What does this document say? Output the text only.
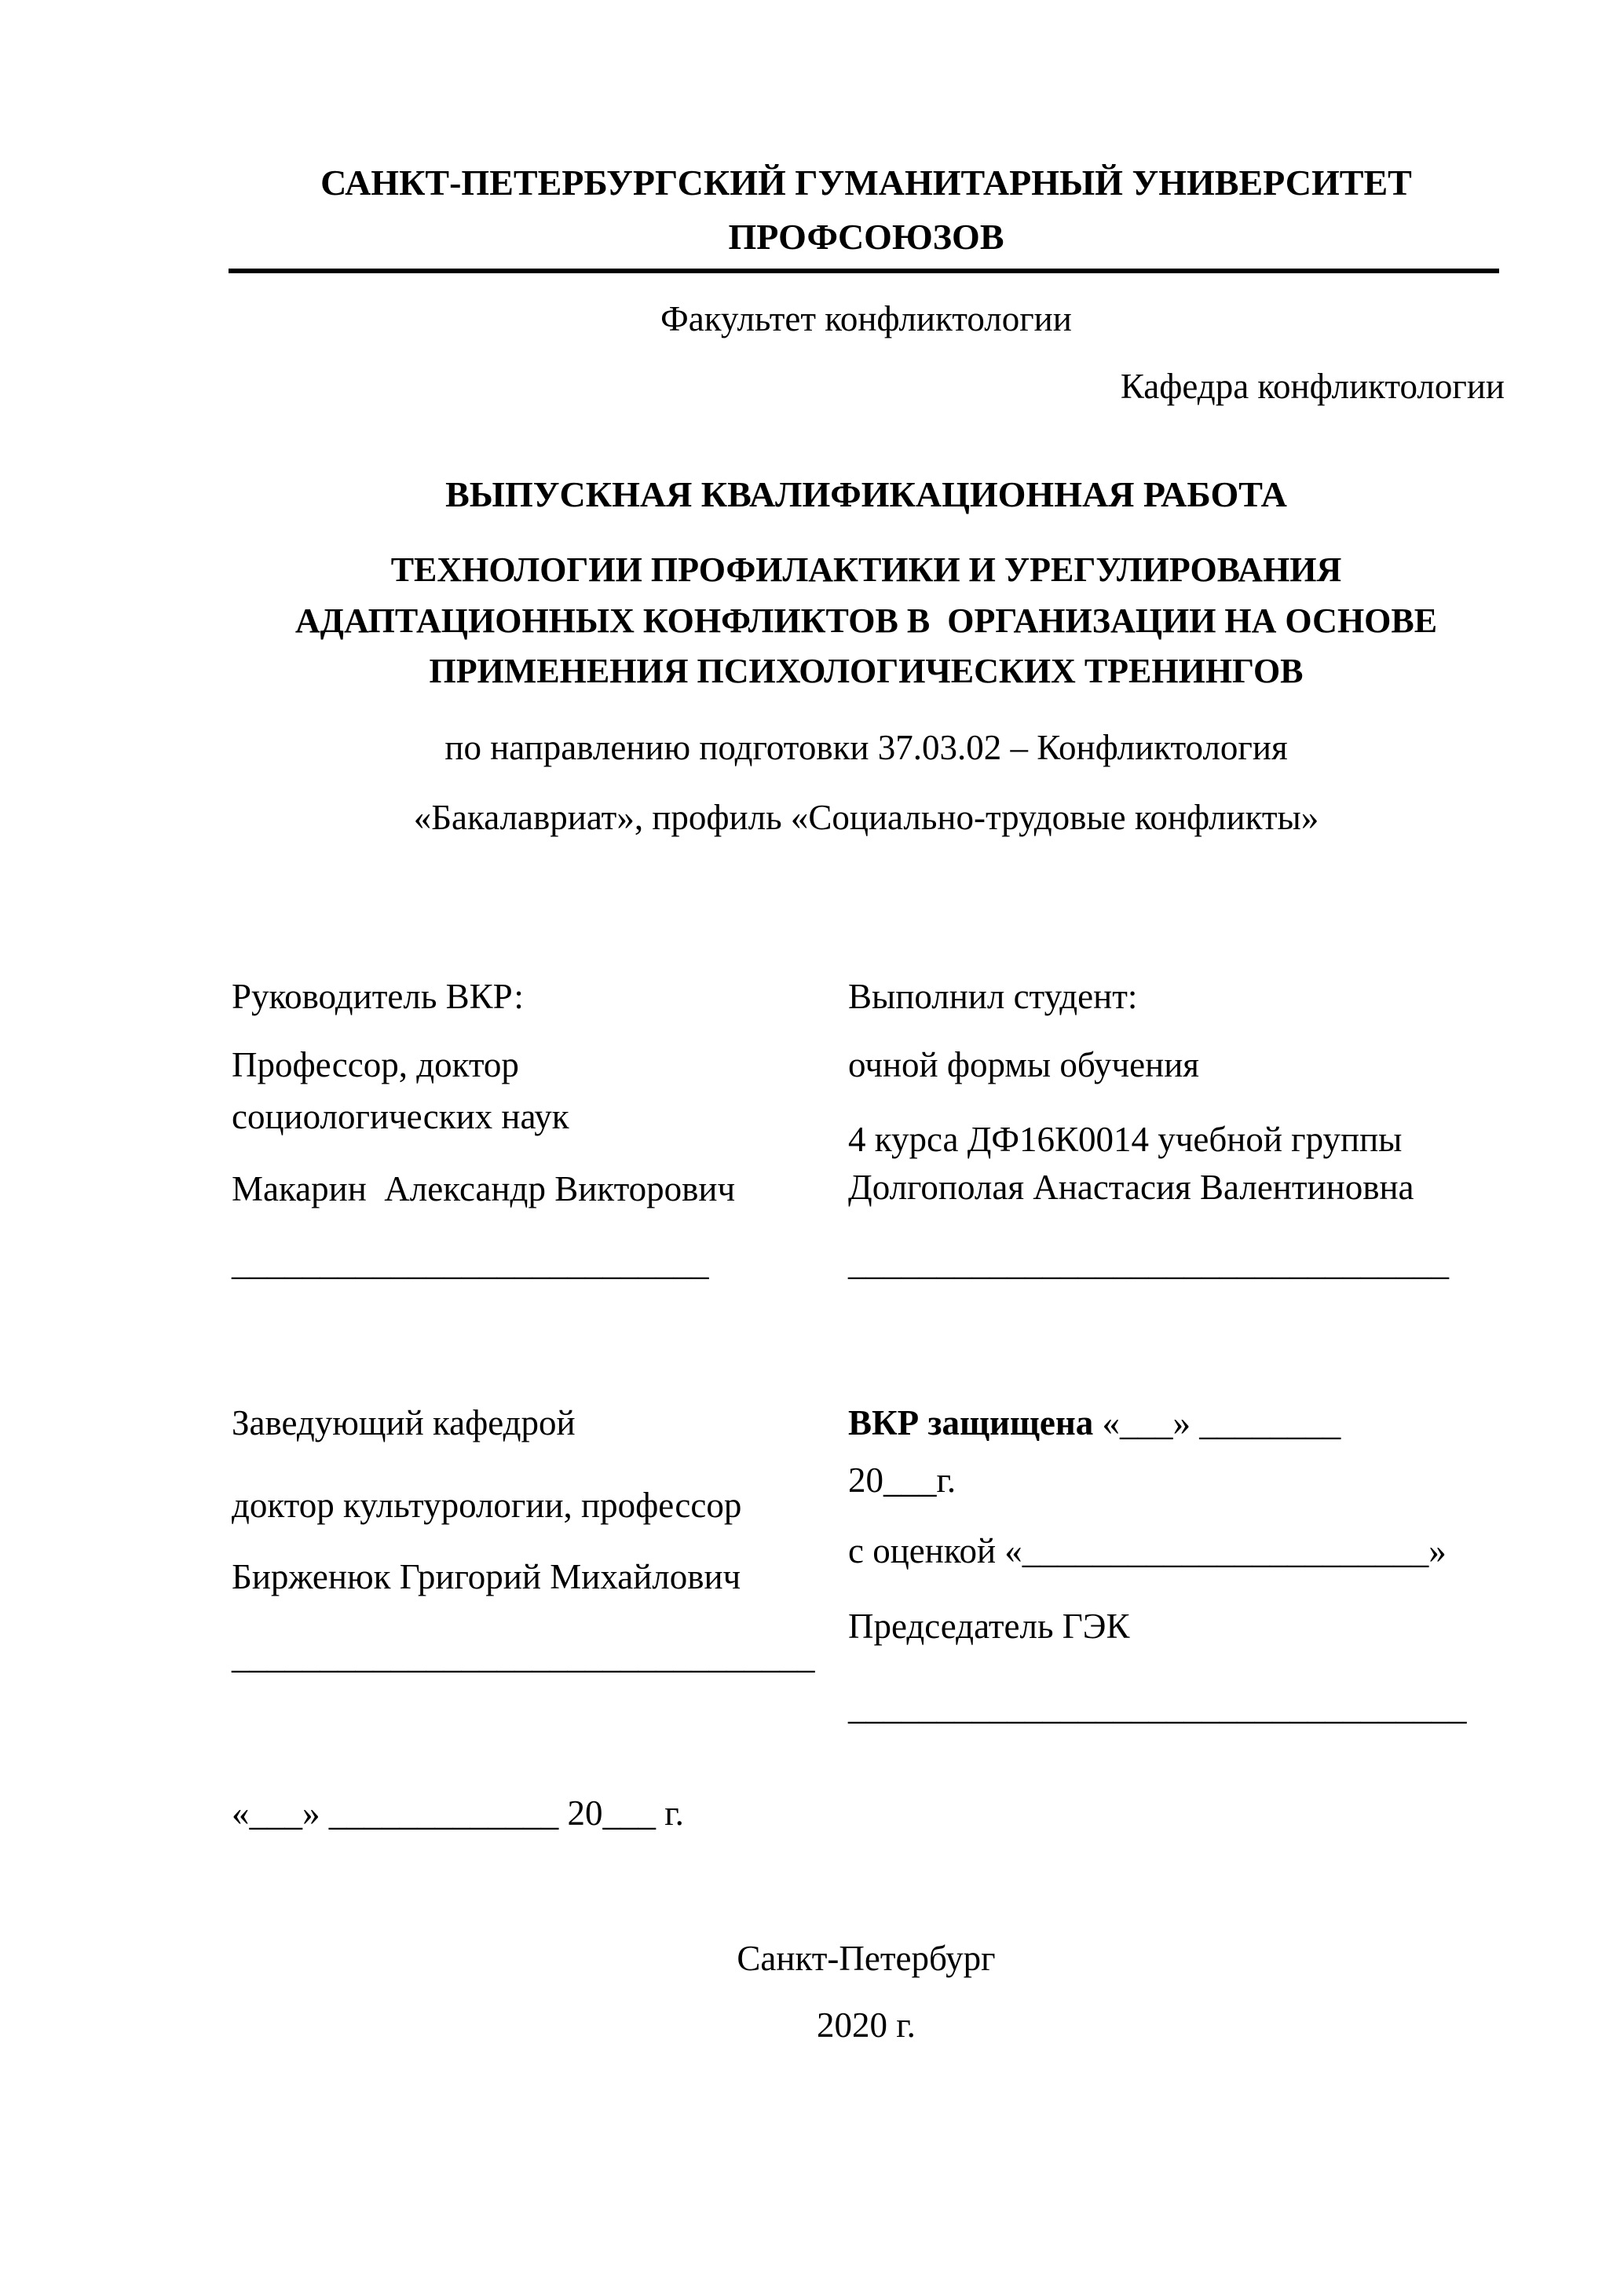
САНКТ-ПЕТЕРБУРГСКИЙ ГУМАНИТАРНЫЙ УНИВЕРСИТЕТ
ПРОФСОЮЗОВ
Факультет конфликтологии
Кафедра конфликтологии
ВЫПУСКНАЯ КВАЛИФИКАЦИОННАЯ РАБОТА
ТЕХНОЛОГИИ ПРОФИЛАКТИКИ И УРЕГУЛИРОВАНИЯ
АДАПТАЦИОННЫХ КОНФЛИКТОВ В  ОРГАНИЗАЦИИ НА ОСНОВЕ
ПРИМЕНЕНИЯ ПСИХОЛОГИЧЕСКИХ ТРЕНИНГОВ
по направлению подготовки 37.03.02 – Конфликтология
«Бакалавриат», профиль «Социально-трудовые конфликты»
Руководитель ВКР:
Профессор, доктор
социологических наук
Макарин  Александр Викторович
___________________________
Выполнил студент:
очной формы обучения
4 курса ДФ16К0014 учебной группы
Долгополая Анастасия Валентиновна
__________________________________
Заведующий кафедрой
доктор культурологии, профессор
Бирженюк Григорий Михайлович
_________________________________
ВКР защищена «___» ________
20___г.
с оценкой «_______________________»
Председатель ГЭК
___________________________________
«___» _____________ 20___ г.
Санкт-Петербург
2020 г.
